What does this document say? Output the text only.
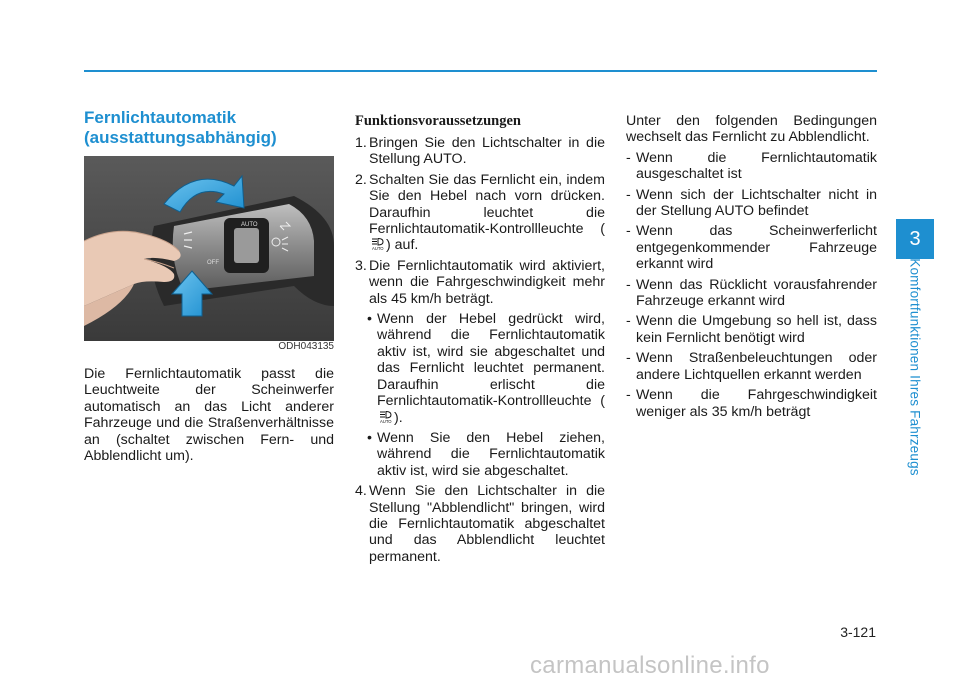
Fernlichtautomatik
(ausstattungsabhängig)
AUTO
OFF
ODH043135

Die Fernlichtautomatik passt die Leuchtweite der Scheinwerfer automatisch an das Licht anderer Fahrzeuge und die Straßenverhältnisse an (schaltet zwischen Fern- und Abblendlicht um).

Funktionsvoraussetzungen
1. Bringen Sie den Lichtschalter in die Stellung AUTO.
2. Schalten Sie das Fernlicht ein, indem Sie den Hebel nach vorn drücken. Daraufhin leuchtet die Fernlichtautomatik-Kontrollleuchte (
AUTO ) auf.
3. Die Fernlichtautomatik wird aktiviert, wenn die Fahrgeschwindigkeit mehr als 45 km/h beträgt.
• Wenn der Hebel gedrückt wird, während die Fernlichtautomatik aktiv ist, wird sie abgeschaltet und das Fernlicht leuchtet permanent. Daraufhin erlischt die Fernlichtautomatik-Kontrollleuchte (
AUTO ).
• Wenn Sie den Hebel ziehen, während die Fernlichtautomatik aktiv ist, wird sie abgeschaltet.
4. Wenn Sie den Lichtschalter in die Stellung "Abblendlicht" bringen, wird die Fernlichtautomatik abgeschaltet und das Abblendlicht leuchtet permanent.

Unter den folgenden Bedingungen wechselt das Fernlicht zu Abblendlicht.

- Wenn die Fernlichtautomatik ausgeschaltet ist
- Wenn sich der Lichtschalter nicht in der Stellung AUTO befindet
- Wenn das Scheinwerferlicht entgegenkommender Fahrzeuge erkannt wird
- Wenn das Rücklicht vorausfahrender Fahrzeuge erkannt wird
- Wenn die Umgebung so hell ist, dass kein Fernlicht benötigt wird
- Wenn Straßenbeleuchtungen oder andere Lichtquellen erkannt werden
- Wenn die Fahrgeschwindigkeit weniger als 35 km/h beträgt
3
Komfortfunktionen Ihres Fahrzeugs
3-121
carmanualsonline.info
